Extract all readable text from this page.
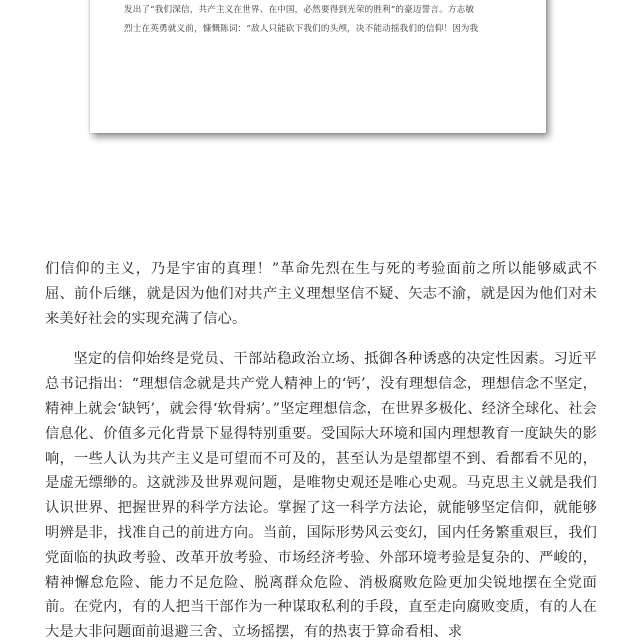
发出了“我们深信，共产主义在世界、在中国，必然要得到光荣的胜利”的豪迈誓言。方志敏
烈士在英勇就义前，慷慨陈词：“敌人只能砍下我们的头颅，决不能动摇我们的信仰！因为我

们信仰的主义，乃是宇宙的真理！”革命先烈在生与死的考验面前之所以能够威武不屈、前仆后继，就是因为他们对共产主义理想坚信不疑、矢志不渝，就是因为他们对未来美好社会的实现充满了信心。

坚定的信仰始终是党员、干部站稳政治立场、抵御各种诱惑的决定性因素。习近平总书记指出：“理想信念就是共产党人精神上的‘钙’，没有理想信念，理想信念不坚定，精神上就会‘缺钙’，就会得‘软骨病’。”坚定理想信念，在世界多极化、经济全球化、社会信息化、价值多元化背景下显得特别重要。受国际大环境和国内理想教育一度缺失的影响，一些人认为共产主义是可望而不可及的，甚至认为是望都望不到、看都看不见的，是虚无缥缈的。这就涉及世界观问题，是唯物史观还是唯心史观。马克思主义就是我们认识世界、把握世界的科学方法论。掌握了这一科学方法论，就能够坚定信仰，就能够明辨是非，找准自己的前进方向。当前，国际形势风云变幻，国内任务繁重艰巨，我们党面临的执政考验、改革开放考验、市场经济考验、外部环境考验是复杂的、严峻的，精神懈怠危险、能力不足危险、脱离群众危险、消极腐败危险更加尖锐地摆在全党面前。在党内，有的人把当干部作为一种谋取私利的手段，直至走向腐败变质，有的人在大是大非问题面前退避三舍、立场摇摆，有的热衷于算命看相、求
